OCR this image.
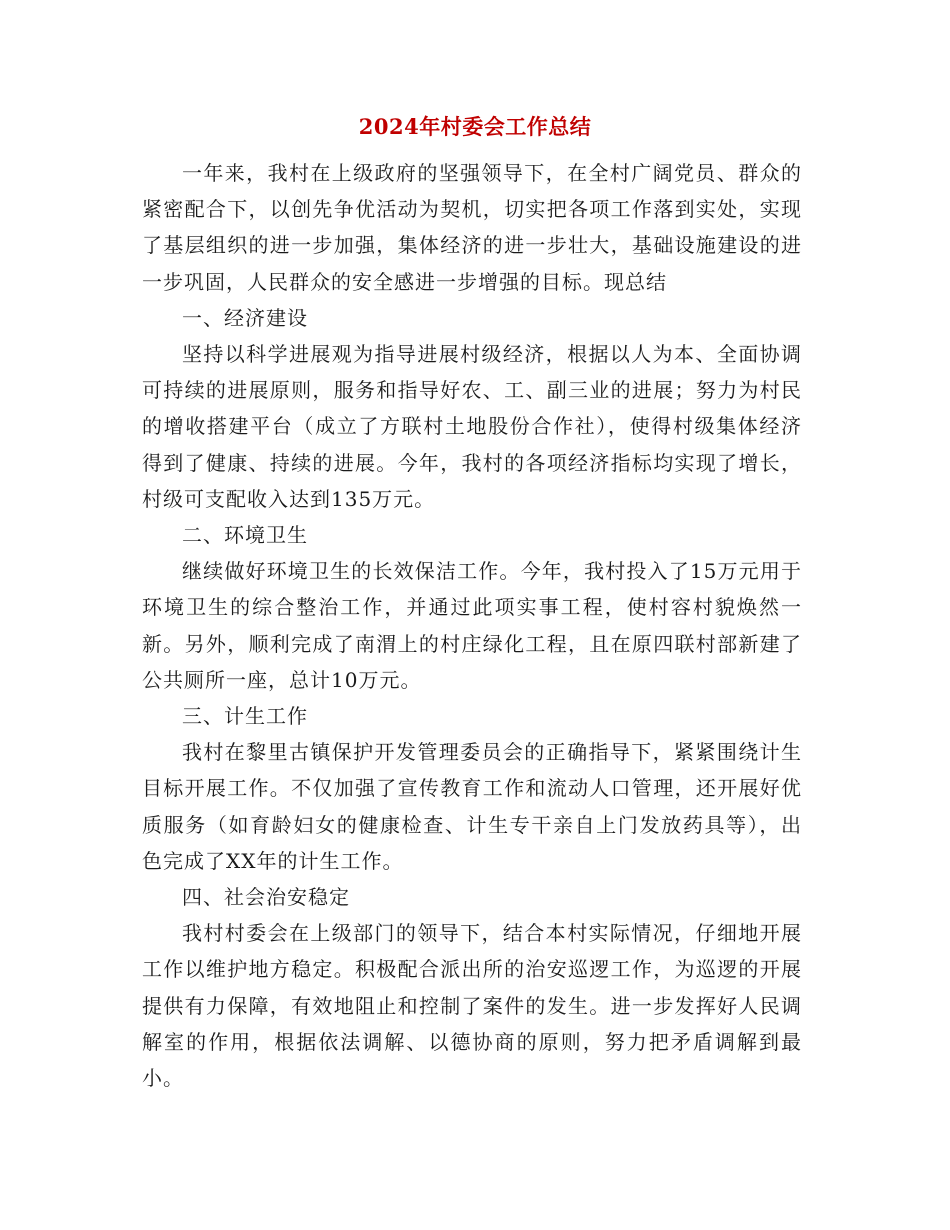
2024年村委会工作总结

一年来，我村在上级政府的坚强领导下，在全村广阔党员、群众的紧密配合下，以创先争优活动为契机，切实把各项工作落到实处，实现了基层组织的进一步加强，集体经济的进一步壮大，基础设施建设的进一步巩固，人民群众的安全感进一步增强的目标。现总结

一、经济建设

坚持以科学进展观为指导进展村级经济，根据以人为本、全面协调可持续的进展原则，服务和指导好农、工、副三业的进展；努力为村民的增收搭建平台（成立了方联村土地股份合作社），使得村级集体经济得到了健康、持续的进展。今年，我村的各项经济指标均实现了增长，村级可支配收入达到135万元。

二、环境卫生

继续做好环境卫生的长效保洁工作。今年，我村投入了15万元用于环境卫生的综合整治工作，并通过此项实事工程，使村容村貌焕然一新。另外，顺利完成了南渭上的村庄绿化工程，且在原四联村部新建了公共厕所一座，总计10万元。

三、计生工作

我村在黎里古镇保护开发管理委员会的正确指导下，紧紧围绕计生目标开展工作。不仅加强了宣传教育工作和流动人口管理，还开展好优质服务（如育龄妇女的健康检查、计生专干亲自上门发放药具等），出色完成了XX年的计生工作。

四、社会治安稳定

我村村委会在上级部门的领导下，结合本村实际情况，仔细地开展工作以维护地方稳定。积极配合派出所的治安巡逻工作，为巡逻的开展提供有力保障，有效地阻止和控制了案件的发生。进一步发挥好人民调解室的作用，根据依法调解、以德协商的原则，努力把矛盾调解到最小。
